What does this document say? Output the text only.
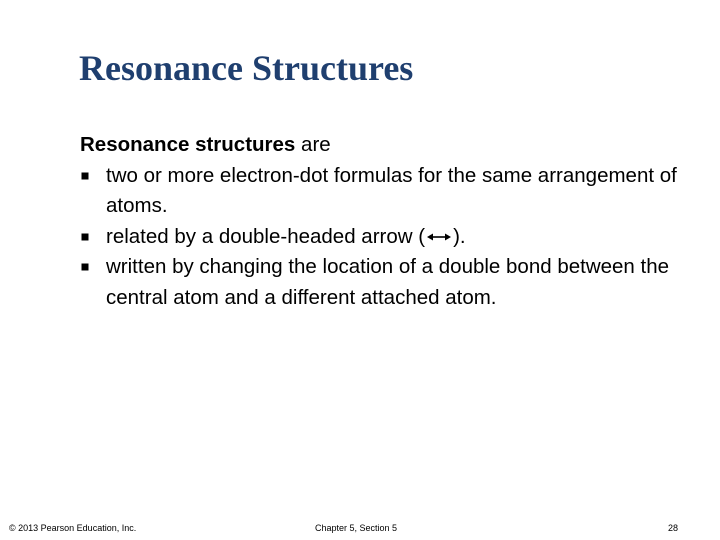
Resonance Structures

Resonance structures are

two or more electron-dot formulas for the same arrangement of atoms.
related by a double-headed arrow ( ).
written by changing the location of a double bond between the central atom and a different attached atom.
© 2013 Pearson Education, Inc.	Chapter 5, Section 5	28
